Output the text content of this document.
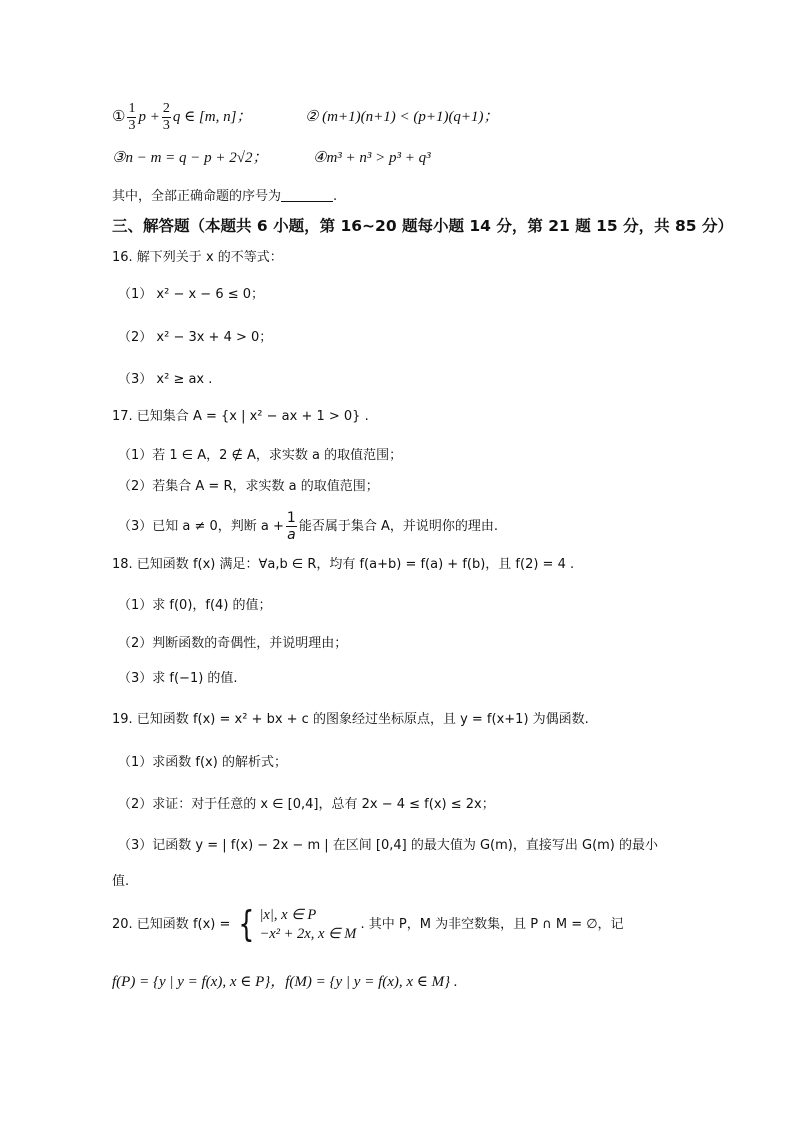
① $\frac{1}{3}$ $p + \frac{2}{3}$ q ∈ [m, n]；	② (m+1)(n+1) < (p+1)(q+1)；
③n − m = q − p + 2√2；	④m³ + n³ > p³ + q³
其中，全部正确命题的序号为	.
三、解答题（本题共 6 小题，第 16~20 题每小题 14 分，第 21 题 15 分，共 85 分）
16. 解下列关于 x 的不等式：
（1） x² − x − 6 ≤ 0；
（2） x² − 3x + 4 > 0；
（3） x² ≥ ax .
17. 已知集合 A = {x | x² − ax + 1 > 0} .
（1）若 1 ∈ A，2 ∉ A，求实数 a 的取值范围；
（2）若集合 A = R，求实数 a 的取值范围；
（3）已知 a ≠ 0，判断 $a + \frac{1}{a}$ 能否属于集合 A，并说明你的理由.
18. 已知函数 f(x) 满足：∀a,b ∈ R，均有 f(a+b) = f(a) + f(b)，且 f(2) = 4 .
（1）求 f(0)，f(4) 的值；
（2）判断函数的奇偶性，并说明理由；
（3）求 f(−1) 的值.
19. 已知函数 f(x) = x² + bx + c 的图象经过坐标原点，且 y = f(x+1) 为偶函数.
（1）求函数 f(x) 的解析式；
（2）求证：对于任意的 x ∈ [0,4]，总有 2x − 4 ≤ f(x) ≤ 2x；
（3）记函数 y = | f(x) − 2x − m | 在区间 [0,4] 的最大值为 G(m)，直接写出 G(m) 的最小
值.
20. 已知函数 f(x) = { |x|, x ∈ P
−x² + 2x, x ∈ M
. 其中 P，M 为非空数集，且 P ∩ M = ∅，记
f(P) = {y | y = f(x), x ∈ P}，f(M) = {y | y = f(x), x ∈ M} .
